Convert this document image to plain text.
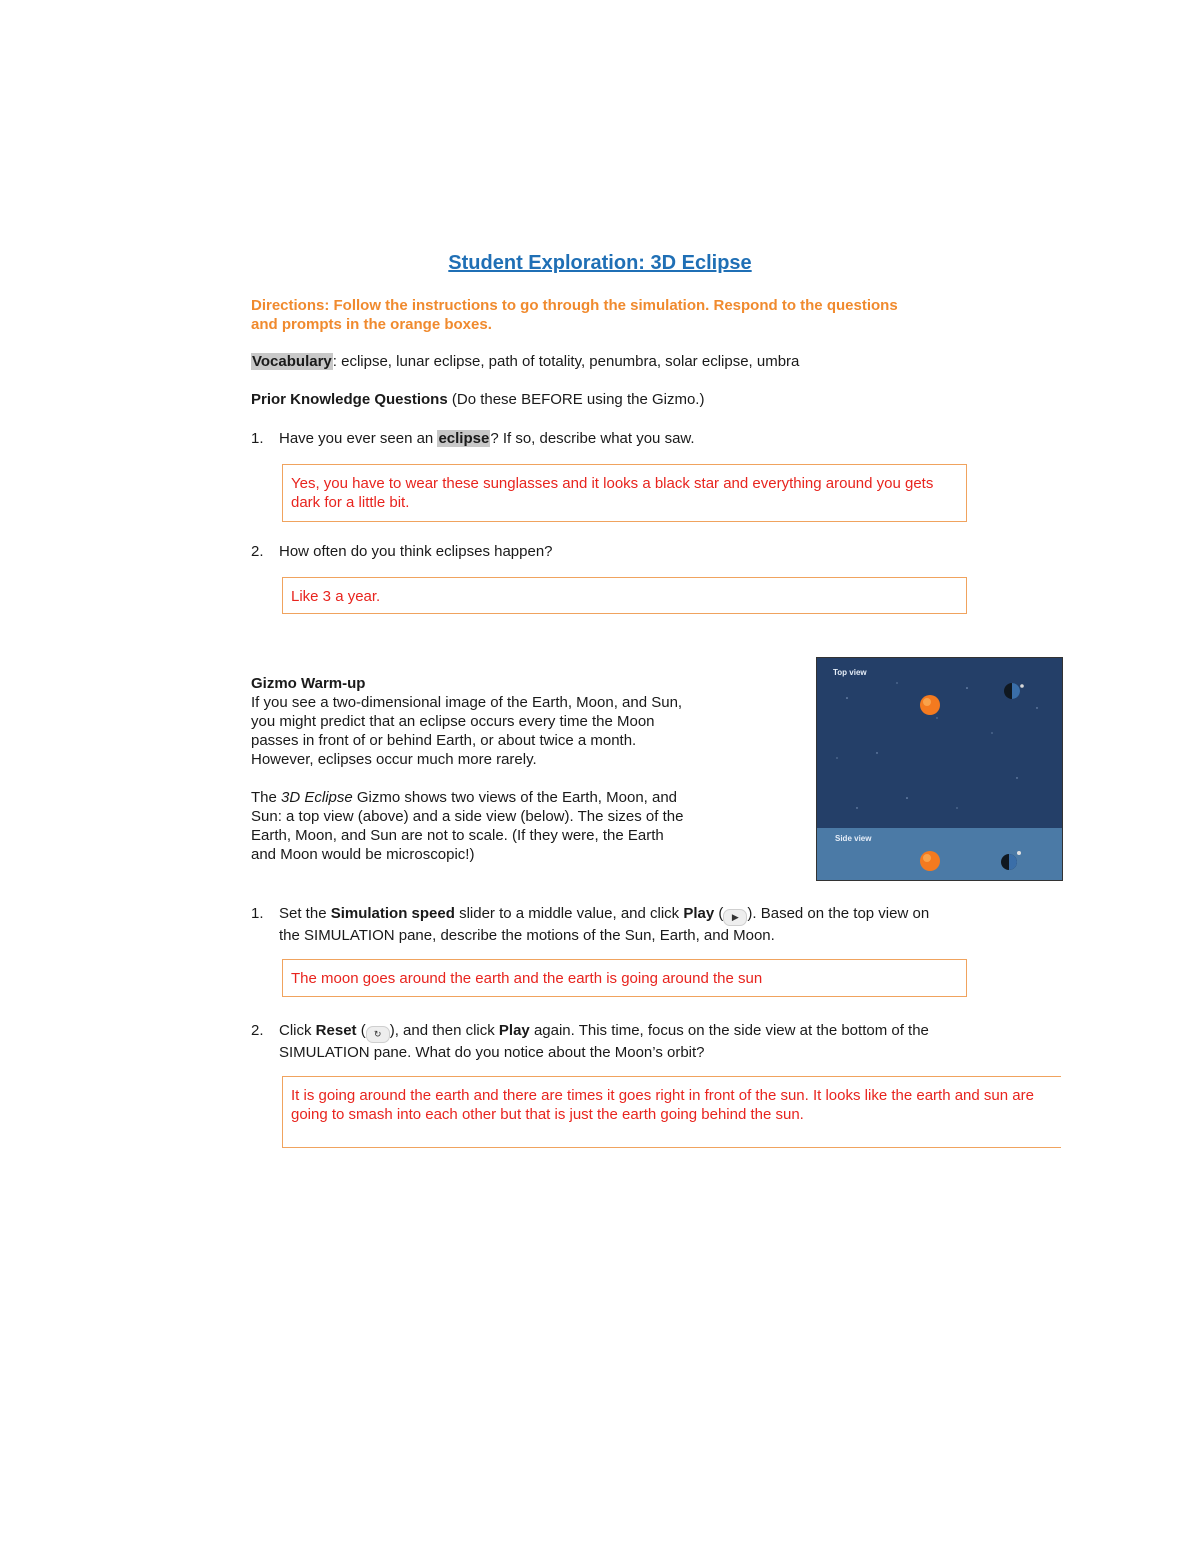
Student Exploration: 3D Eclipse
Directions: Follow the instructions to go through the simulation. Respond to the questions and prompts in the orange boxes.
Vocabulary: eclipse, lunar eclipse, path of totality, penumbra, solar eclipse, umbra
Prior Knowledge Questions (Do these BEFORE using the Gizmo.)
1. Have you ever seen an eclipse? If so, describe what you saw.
Yes, you have to wear these sunglasses and it looks a black star and everything around you gets dark for a little bit.
2. How often do you think eclipses happen?
Like 3 a year.
Gizmo Warm-up

If you see a two-dimensional image of the Earth, Moon, and Sun, you might predict that an eclipse occurs every time the Moon passes in front of or behind Earth, or about twice a month. However, eclipses occur much more rarely.

The 3D Eclipse Gizmo shows two views of the Earth, Moon, and Sun: a top view (above) and a side view (below). The sizes of the Earth, Moon, and Sun are not to scale. (If they were, the Earth and Moon would be microscopic!)

Top view
Side view
1. Set the Simulation speed slider to a middle value, and click Play ( ▶ ). Based on the top view on the SIMULATION pane, describe the motions of the Sun, Earth, and Moon.
The moon goes around the earth and the earth is going around the sun
2. Click Reset ( ↻ ), and then click Play again. This time, focus on the side view at the bottom of the SIMULATION pane. What do you notice about the Moon’s orbit?
It is going around the earth and there are times it goes right in front of the sun. It looks like the earth and sun are going to smash into each other but that is just the earth going behind the sun.
